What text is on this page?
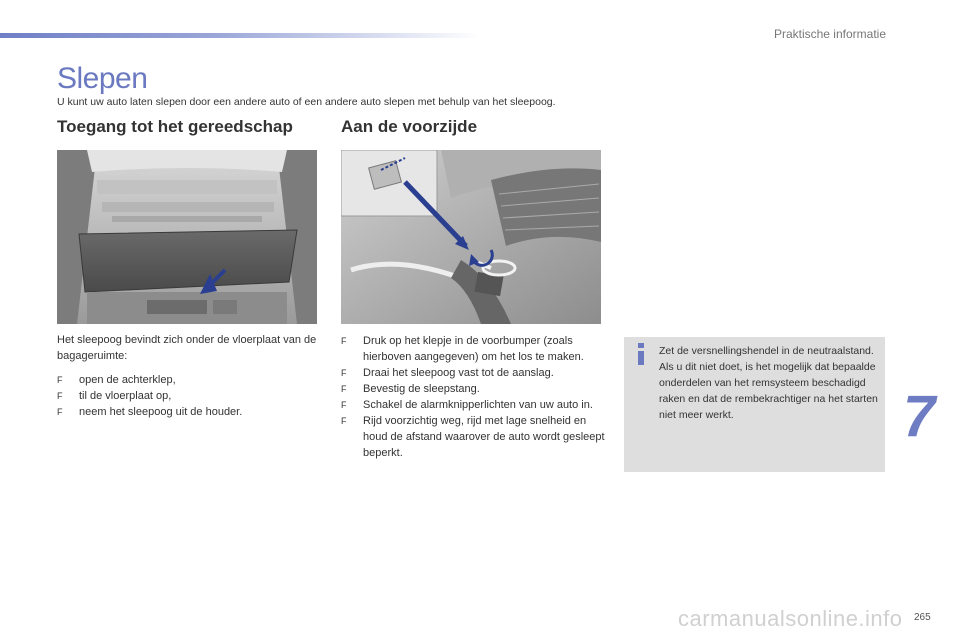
Praktische informatie
Slepen
U kunt uw auto laten slepen door een andere auto of een andere auto slepen met behulp van het sleepoog.
Toegang tot het gereedschap	Aan de voorzijde

Het sleepoog bevindt zich onder de vloerplaat van de bagageruimte:

F open de achterklep,
F til de vloerplaat op,
F neem het sleepoog uit de houder.
F Druk op het klepje in de voorbumper (zoals hierboven aangegeven) om het los te maken.
F Draai het sleepoog vast tot de aanslag.
F Bevestig de sleepstang.
F Schakel de alarmknipperlichten van uw auto in.
F Rijd voorzichtig weg, rijd met lage snelheid en houd de afstand waarover de auto wordt gesleept beperkt.
Zet de versnellingshendel in de neutraalstand.
Als u dit niet doet, is het mogelijk dat bepaalde onderdelen van het remsysteem beschadigd raken en dat de rembekrachtiger na het starten niet meer werkt.	7
265
carmanualsonline.info
